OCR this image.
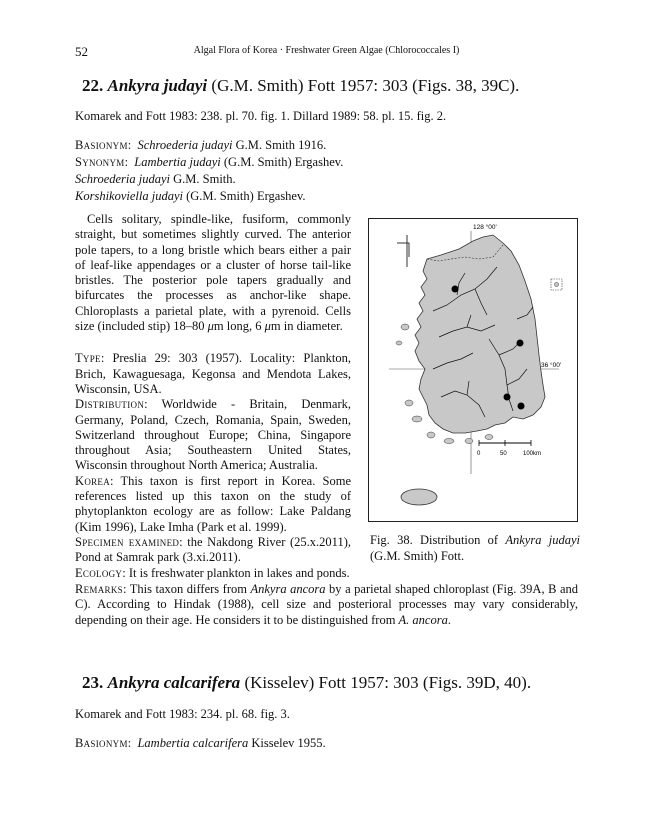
52	Algal Flora of Korea · Freshwater Green Algae (Chlorococcales I)
22. Ankyra judayi (G.M. Smith) Fott 1957: 303 (Figs. 38, 39C).
Komarek and Fott 1983: 238. pl. 70. fig. 1. Dillard 1989: 58. pl. 15. fig. 2.
Basionym:  Schroederia judayi G.M. Smith 1916.
Synonym:  Lambertia judayi (G.M. Smith) Ergashev.
Schroederia judayi G.M. Smith.
Korshikoviella judayi (G.M. Smith) Ergashev.

Cells solitary, spindle-like, fusiform, commonly straight, but sometimes slightly curved. The anterior pole tapers, to a long bristle which bears either a pair of leaf-like appendages or a cluster of horse tail-like bristles. The posterior pole tapers gradually and bifurcates the processes as anchor-like shape. Chloroplasts a parietal plate, with a pyrenoid. Cells size (included stip) 18–80 μm long, 6 μm in diameter.

Type: Preslia 29: 303 (1957). Locality: Plankton, Brich, Kawaguesaga, Kegonsa and Mendota Lakes, Wisconsin, USA.

Distribution: Worldwide - Britain, Denmark, Germany, Poland, Czech, Romania, Spain, Sweden, Switzerland throughout Europe; China, Singapore throughout Asia; Southeastern United States, Wisconsin throughout North America; Australia.

Korea: This taxon is first report in Korea. Some references listed up this taxon on the study of phytoplankton ecology are as follow: Lake Paldang (Kim 1996), Lake Imha (Park et al. 1999).

Specimen examined: the Nakdong River (25.x.2011), Pond at Samrak park (3.xi.2011).

Ecology: It is freshwater plankton in lakes and ponds.

128 °00'
36 °00'
0	50	100km
Fig. 38. Distribution of Ankyra judayi (G.M. Smith) Fott.
Remarks: This taxon differs from Ankyra ancora by a parietal shaped chloroplast (Fig. 39A, B and C). According to Hindak (1988), cell size and posterioral processes may vary considerably, depending on their age. He considers it to be distinguished from A. ancora.
23. Ankyra calcarifera (Kisselev) Fott 1957: 303 (Figs. 39D, 40).
Komarek and Fott 1983: 234. pl. 68. fig. 3.
Basionym:  Lambertia calcarifera Kisselev 1955.
